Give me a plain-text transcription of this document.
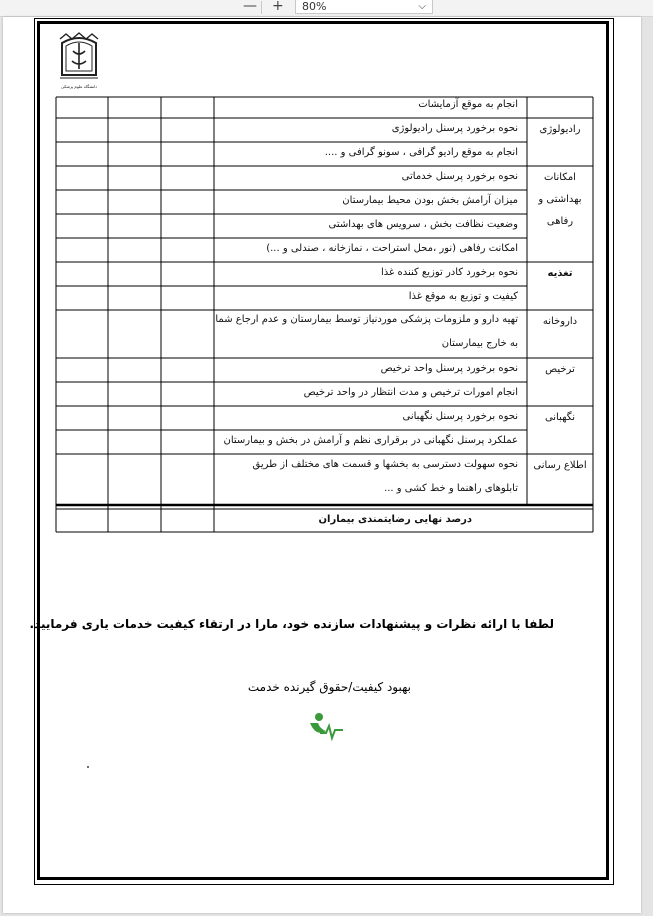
— +	80%	⌵
دانشگاه علوم پزشکی
انجام به موقع آزمایشات
رادیولوژی
نحوه برخورد پرسنل رادیولوژی
انجام به موقع رادیو گرافی ، سونو گرافی و ....
امکانات
بهداشتی و
رفاهی
نحوه برخورد پرسنل خدماتی
میزان آرامش بخش بودن محیط بیمارستان
وضعیت نظافت بخش ، سرویس های بهداشتی
امکانت رفاهی (نور ،محل استراحت ، نمازخانه ، صندلی و ...)
تغذیه
نحوه برخورد کادر توزیع کننده غذا
کیفیت و توزیع به موقع غذا
داروخانه
تهیه دارو و ملزومات پزشکی موردنیاز توسط بیمارستان و عدم ارجاع شما
به خارج بیمارستان
ترخیص
نحوه برخورد پرسنل واحد ترخیص
انجام امورات ترخیص و مدت انتظار در واحد ترخیص
نگهبانی
نحوه برخورد پرسنل نگهبانی
عملکرد پرسنل نگهبانی در برقراری نظم و آرامش در بخش و بیمارستان
اطلاع رسانی
نحوه سهولت دسترسی به بخشها و قسمت های مختلف از طریق
تابلوهای راهنما و خط کشی و ...
درصد نهایی رضایتمندی بیماران
لطفا با ارائه نظرات و پیشنهادات سازنده خود، مارا در ارتقاء کیفیت خدمات یاری فرمایید.
بهبود کیفیت/حقوق گیرنده خدمت
